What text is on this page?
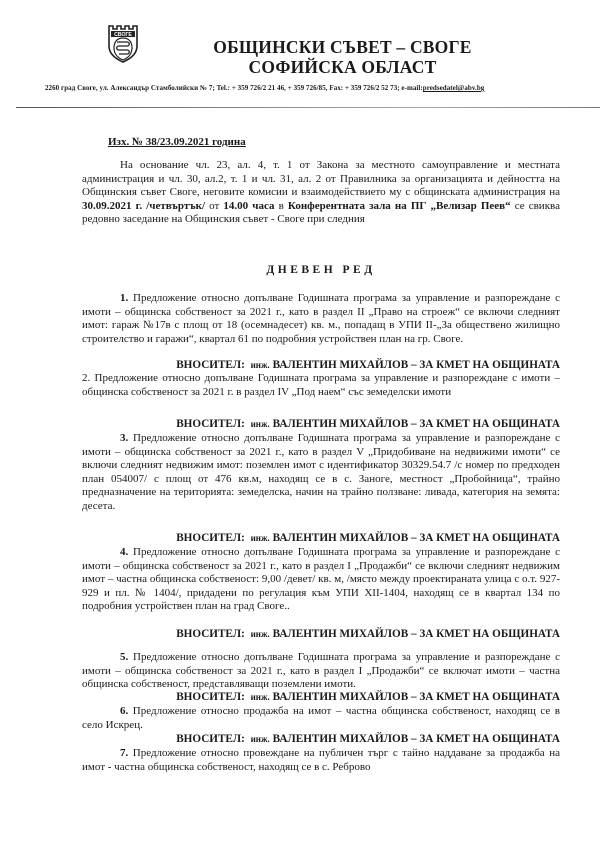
СВОГЕ
ОБЩИНСКИ СЪВЕТ – СВОГЕ
СОФИЙСКА ОБЛАСТ
2260 град Своге, ул. Александър Стамболийски № 7; Tel.: + 359 726/2 21 46, + 359 726/85, Fax: + 359 726/2 52 73; e-mail:predsedatel@abv.bg
Изх. № 38/23.09.2021 година
На основание чл. 23, ал. 4, т. 1 от Закона за местното самоуправление и местната администрация и чл. 30, ал.2, т. 1 и чл. 31, ал. 2 от Правилника за организацията и дейността на Общинския съвет Своге, неговите комисии и взаимодействието му с общинската администрация на 30.09.2021 г. /четвъртък/ от 14.00 часа в Конферентната зала на ПГ „Велизар Пеев“ се свиква редовно заседание на Общинския съвет - Своге при следния
ДНЕВЕН РЕД
1. Предложение относно допълване Годишната програма за управление и разпореждане с имоти – общинска собственост за 2021 г., като в раздел II „Право на строеж“ се включи следният имот: гараж №17в с площ от 18 (осемнадесет) кв. м., попадащ в УПИ II-„За обществено жилищно строителство и гаражи“, квартал 61 по подробния устройствен план на гр. Своге.
ВНОСИТЕЛ: инж. ВАЛЕНТИН МИХАЙЛОВ – ЗА КМЕТ НА ОБЩИНАТА
2. Предложение относно допълване Годишната програма за управление и разпореждане с имоти – общинска собственост за 2021 г. в раздел IV „Под наем“ със земеделски имоти
ВНОСИТЕЛ: инж. ВАЛЕНТИН МИХАЙЛОВ – ЗА КМЕТ НА ОБЩИНАТА
3. Предложение относно допълване Годишната програма за управление и разпореждане с имоти – общинска собственост за 2021 г., като в раздел V „Придобиване на недвижими имоти“ се включи следният недвижим имот: поземлен имот с идентификатор 30329.54.7 /с номер по предходен план 054007/ с площ от 476 кв.м, находящ се в с. Заноге, местност „Пробойница“, трайно предназначение на територията: земеделска, начин на трайно ползване: ливада, категория на земята: десета.
ВНОСИТЕЛ: инж. ВАЛЕНТИН МИХАЙЛОВ – ЗА КМЕТ НА ОБЩИНАТА
4. Предложение относно допълване Годишната програма за управление и разпореждане с имоти – общинска собственост за 2021 г., като в раздел I „Продажби“ се включи следният недвижим имот – частна общинска собственост: 9,00 /девет/ кв. м, /място между проектираната улица с о.т. 927-929 и пл. № 1404/, придадени по регулация към УПИ XII-1404, находящ се в квартал 134 по подробния устройствен план на град Своге..
ВНОСИТЕЛ: инж. ВАЛЕНТИН МИХАЙЛОВ – ЗА КМЕТ НА ОБЩИНАТА
5. Предложение относно допълване Годишната програма за управление и разпореждане с имоти – общинска собственост за 2021 г., като в раздел I „Продажби“ се включат имоти – частна общинска собственост, представляващи поземлени имоти.
ВНОСИТЕЛ: инж. ВАЛЕНТИН МИХАЙЛОВ – ЗА КМЕТ НА ОБЩИНАТА
6. Предложение относно продажба на имот – частна общинска собственост, находящ се в село Искрец.
ВНОСИТЕЛ: инж. ВАЛЕНТИН МИХАЙЛОВ – ЗА КМЕТ НА ОБЩИНАТА
7. Предложение относно провеждане на публичен търг с тайно наддаване за продажба на имот - частна общинска собственост, находящ се в с. Реброво
